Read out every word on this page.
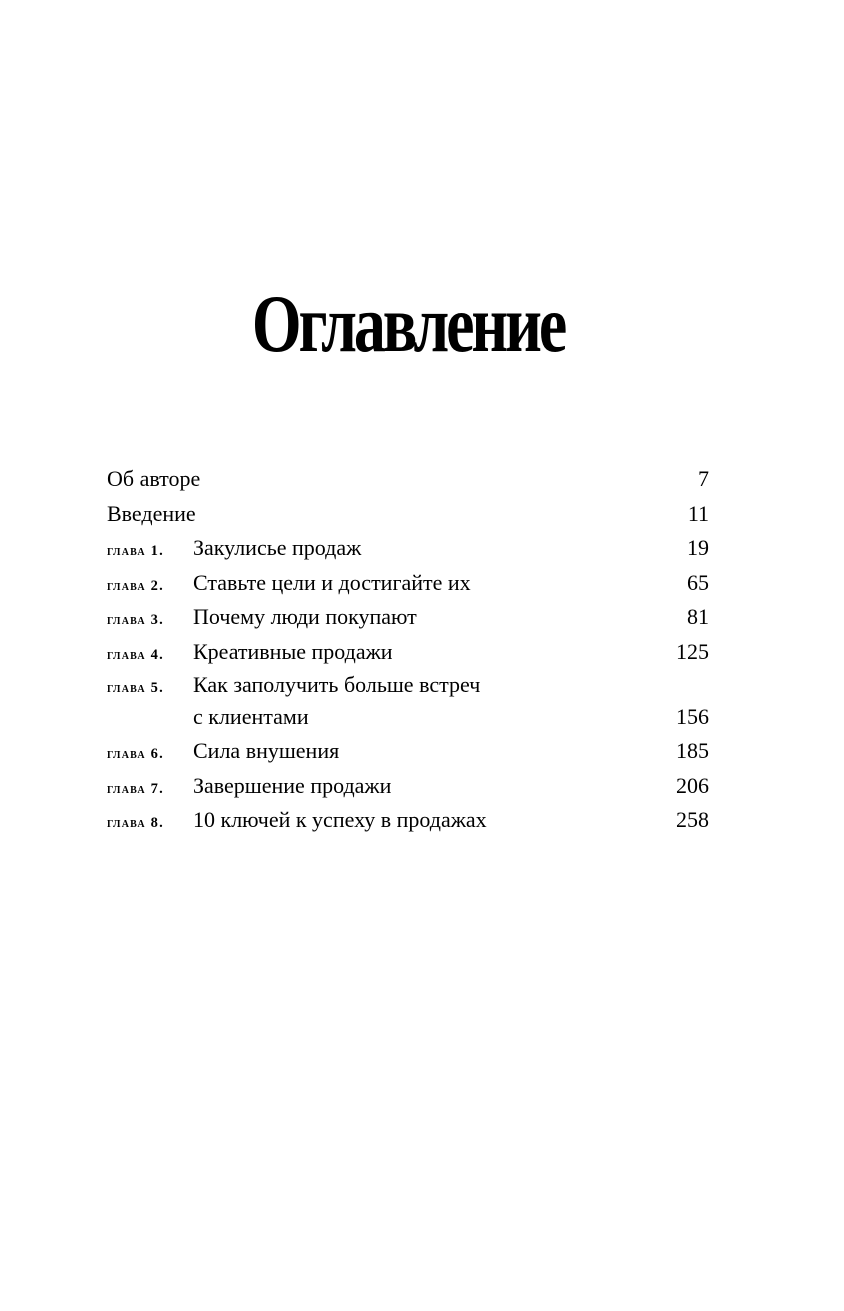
Оглавление
Об авторе	7
Введение	11
глава 1.	Закулисье продаж	19
глава 2.	Ставьте цели и достигайте их	65
глава 3.	Почему люди покупают	81
глава 4.	Креативные продажи	125
глава 5.	Как заполучить больше встреч
с клиентами	156
глава 6.	Сила внушения	185
глава 7.	Завершение продажи	206
глава 8.	10 ключей к успеху в продажах	258
